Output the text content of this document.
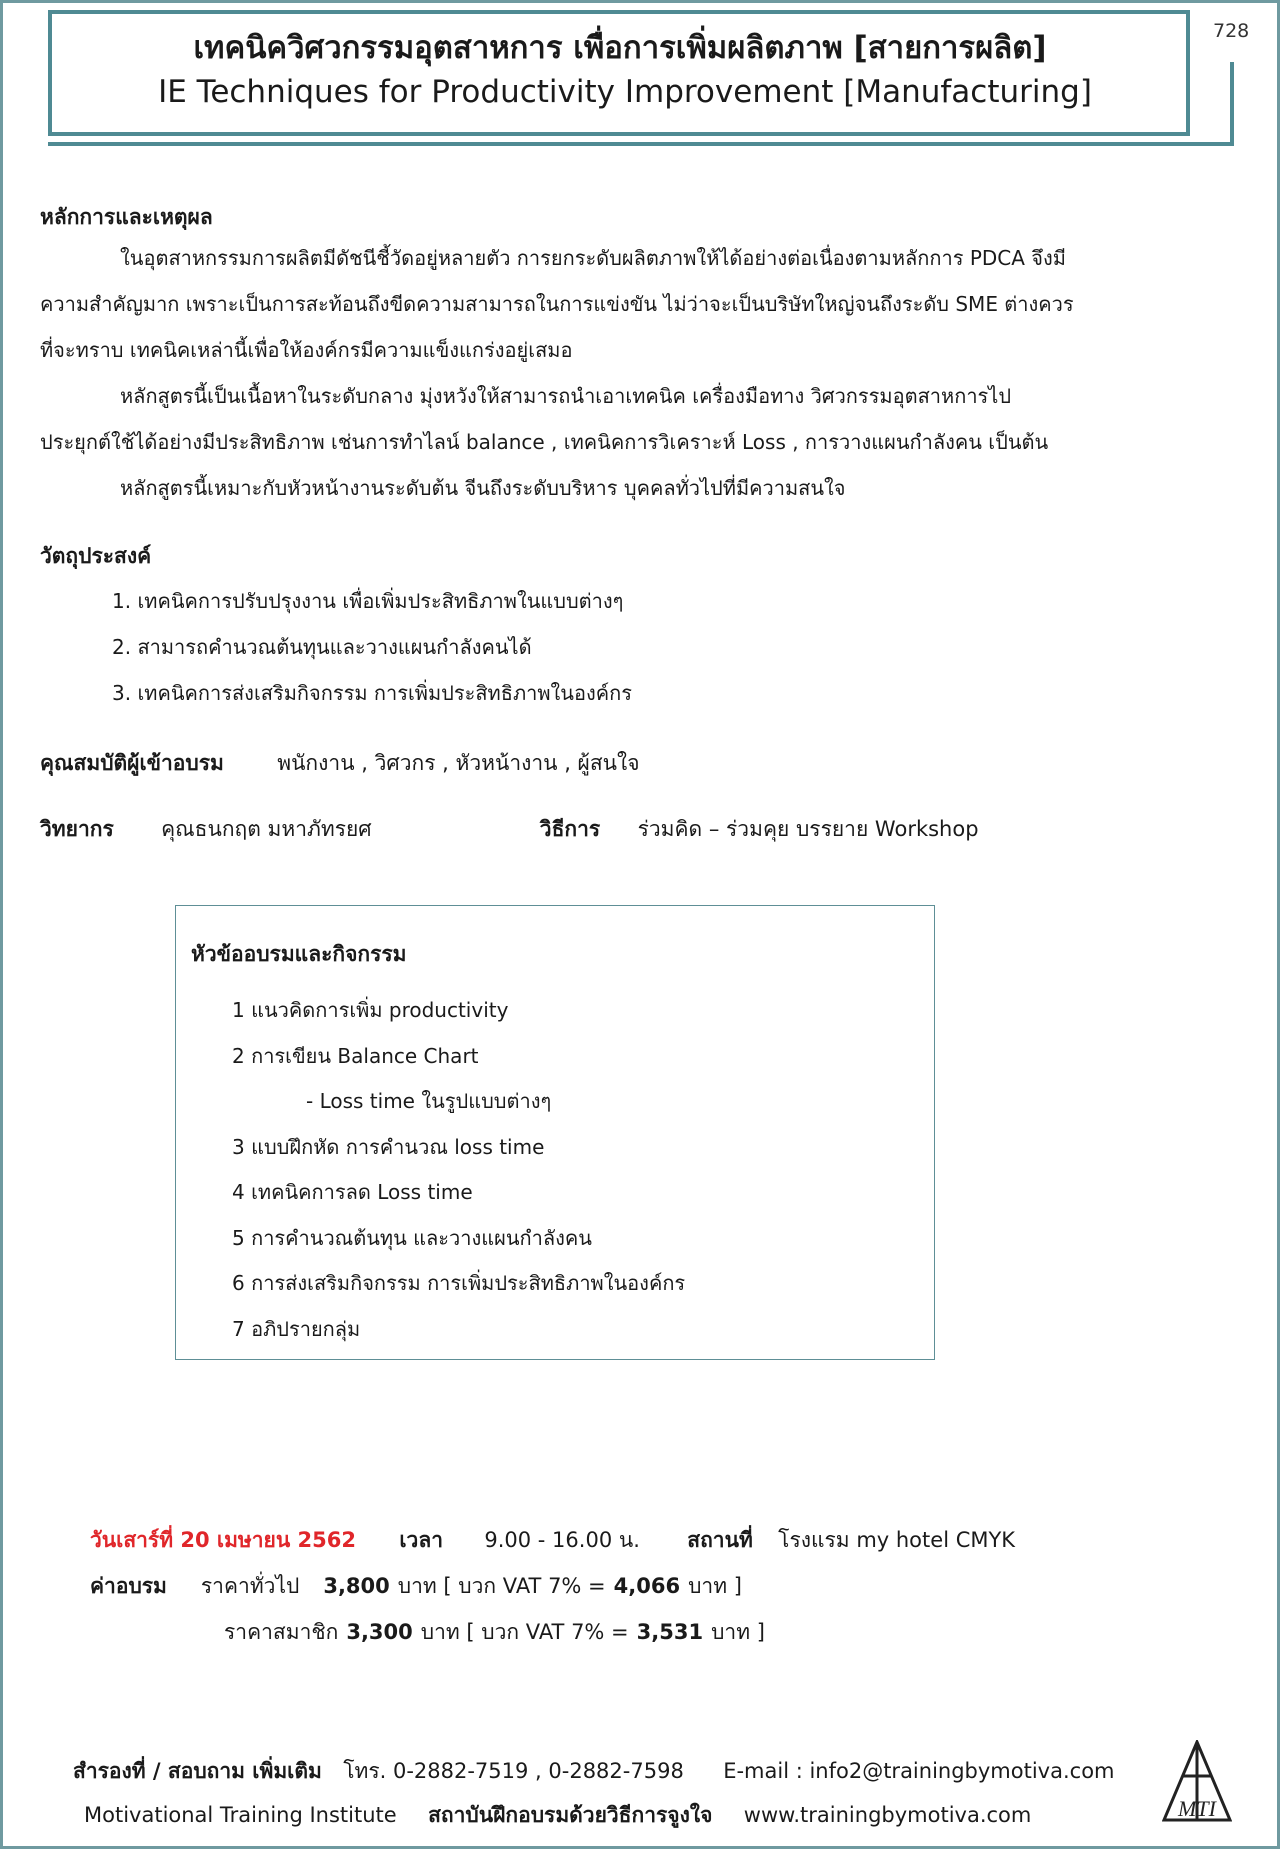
เทคนิควิศวกรรมอุตสาหการ เพื่อการเพิ่มผลิตภาพ [สายการผลิต]
IE Techniques for Productivity Improvement [Manufacturing]
728
หลักการและเหตุผล
ในอุตสาหกรรมการผลิตมีดัชนีชี้วัดอยู่หลายตัว การยกระดับผลิตภาพให้ได้อย่างต่อเนื่องตามหลักการ PDCA จึงมี
ความสำคัญมาก เพราะเป็นการสะท้อนถึงขีดความสามารถในการแข่งขัน ไม่ว่าจะเป็นบริษัทใหญ่จนถึงระดับ SME ต่างควร
ที่จะทราบ เทคนิคเหล่านี้เพื่อให้องค์กรมีความแข็งแกร่งอยู่เสมอ
หลักสูตรนี้เป็นเนื้อหาในระดับกลาง มุ่งหวังให้สามารถนำเอาเทคนิค เครื่องมือทาง วิศวกรรมอุตสาหการไป
ประยุกต์ใช้ได้อย่างมีประสิทธิภาพ เช่นการทำไลน์ balance , เทคนิคการวิเคราะห์ Loss , การวางแผนกำลังคน เป็นต้น
หลักสูตรนี้เหมาะกับหัวหน้างานระดับต้น จีนถึงระดับบริหาร บุคคลทั่วไปที่มีความสนใจ
วัตถุประสงค์
1. เทคนิคการปรับปรุงงาน เพื่อเพิ่มประสิทธิภาพในแบบต่างๆ
2. สามารถคำนวณต้นทุนและวางแผนกำลังคนได้
3. เทคนิคการส่งเสริมกิจกรรม การเพิ่มประสิทธิภาพในองค์กร
คุณสมบัติผู้เข้าอบรม	พนักงาน , วิศวกร , หัวหน้างาน , ผู้สนใจ
วิทยากร คุณธนกฤต มหาภัทรยศ	วิธีการ ร่วมคิด – ร่วมคุย บรรยาย Workshop
หัวข้ออบรมและกิจกรรม
1 แนวคิดการเพิ่ม productivity
2 การเขียน Balance Chart
- Loss time ในรูปแบบต่างๆ
3 แบบฝึกหัด การคำนวณ loss time
4 เทคนิคการลด Loss time
5 การคำนวณต้นทุน และวางแผนกำลังคน
6 การส่งเสริมกิจกรรม การเพิ่มประสิทธิภาพในองค์กร
7 อภิปรายกลุ่ม
วันเสาร์ที่ 20 เมษายน 2562 เวลา 9.00 - 16.00 น. สถานที่ โรงแรม my hotel CMYK
สำรองที่ / สอบถาม เพิ่มเติม โทร. 0-2882-7519 , 0-2882-7598 E-mail : info2@trainingbymotiva.com
Motivational Training Institute สถาบันฝึกอบรมด้วยวิธีการจูงใจ www.trainingbymotiva.com	MTI
ค่าอบรม ราคาทั่วไป 3,800 บาท [ บวก VAT 7% = 4,066 บาท ]
ราคาสมาชิก 3,300 บาท [ บวก VAT 7% = 3,531 บาท ]
